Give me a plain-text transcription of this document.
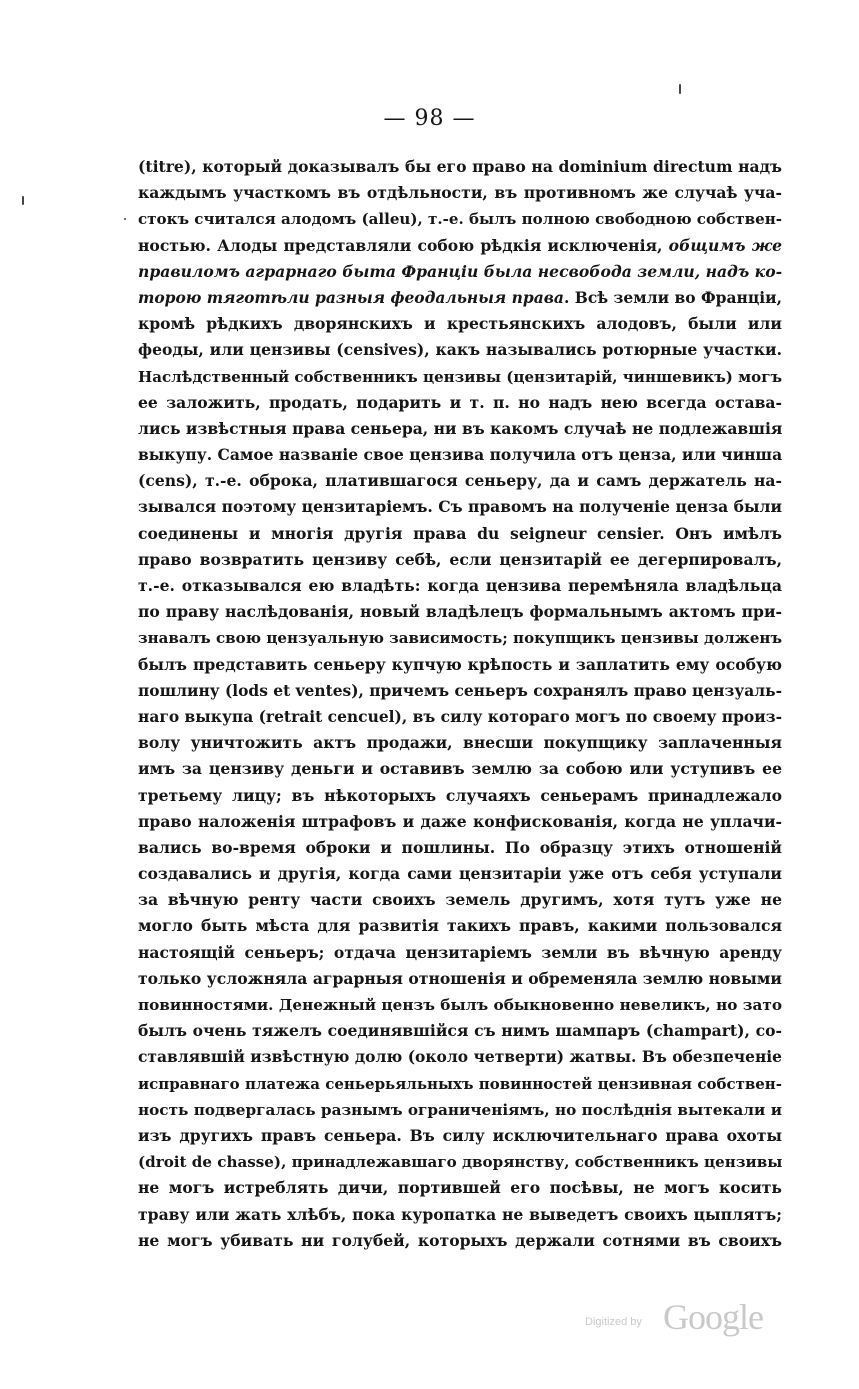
— 98 —
(titre), который доказывалъ бы его право на dominium directum надъ
каждымъ участкомъ въ отдѣльности, въ противномъ же случаѣ уча-
стокъ считался алодомъ (alleu), т.-е. былъ полною свободною собствен-
ностью. Алоды представляли собою рѣдкія исключенія, общимъ же
правиломъ аграрнаго быта Франціи была несвобода земли, надъ ко-
торою тяготѣли разныя феодальныя права. Всѣ земли во Франціи,
кромѣ рѣдкихъ дворянскихъ и крестьянскихъ алодовъ, были или
феоды, или цензивы (censives), какъ назывались ротюрные участки.
Наслѣдственный собственникъ цензивы (цензитарій, чиншевикъ) могъ
ее заложить, продать, подарить и т. п. но надъ нею всегда остава-
лись извѣстныя права сеньера, ни въ какомъ случаѣ не подлежавшія
выкупу. Самое названіе свое цензива получила отъ ценза, или чинша
(cens), т.-е. оброка, платившагося сеньеру, да и самъ держатель на-
зывался поэтому цензитаріемъ. Съ правомъ на полученіе ценза были
соединены и многія другія права du seigneur censier. Онъ имѣлъ
право возвратить цензиву себѣ, если цензитарій ее дегерпировалъ,
т.-е. отказывался ею владѣть: когда цензива перемѣняла владѣльца
по праву наслѣдованія, новый владѣлецъ формальнымъ актомъ при-
знавалъ свою цензуальную зависимость; покупщикъ цензивы долженъ
былъ представить сеньеру купчую крѣпость и заплатить ему особую
пошлину (lods et ventes), причемъ сеньеръ сохранялъ право цензуаль-
наго выкупа (retrait cencuel), въ силу котораго могъ по своему произ-
волу уничтожить актъ продажи, внесши покупщику заплаченныя
имъ за цензиву деньги и оставивъ землю за собою или уступивъ ее
третьему лицу; въ нѣкоторыхъ случаяхъ сеньерамъ принадлежало
право наложенія штрафовъ и даже конфискованія, когда не уплачи-
вались во-время оброки и пошлины. По образцу этихъ отношеній
создавались и другія, когда сами цензитаріи уже отъ себя уступали
за вѣчную ренту части своихъ земель другимъ, хотя тутъ уже не
могло быть мѣста для развитія такихъ правъ, какими пользовался
настоящій сеньеръ; отдача цензитаріемъ земли въ вѣчную аренду
только усложняла аграрныя отношенія и обременяла землю новыми
повинностями. Денежный цензъ былъ обыкновенно невеликъ, но зато
былъ очень тяжелъ соединявшійся съ нимъ шампаръ (champart), со-
ставлявшій извѣстную долю (около четверти) жатвы. Въ обезпеченіе
исправнаго платежа сеньерьяльныхъ повинностей цензивная собствен-
ность подвергалась разнымъ ограниченіямъ, но послѣднія вытекали и
изъ другихъ правъ сеньера. Въ силу исключительнаго права охоты
(droit de chasse), принадлежавшаго дворянству, собственникъ цензивы
не могъ истреблять дичи, портившей его посѣвы, не могъ косить
траву или жать хлѣбъ, пока куропатка не выведетъ своихъ цыплятъ;
не могъ убивать ни голубей, которыхъ держали сотнями въ своихъ
Digitized by Google
